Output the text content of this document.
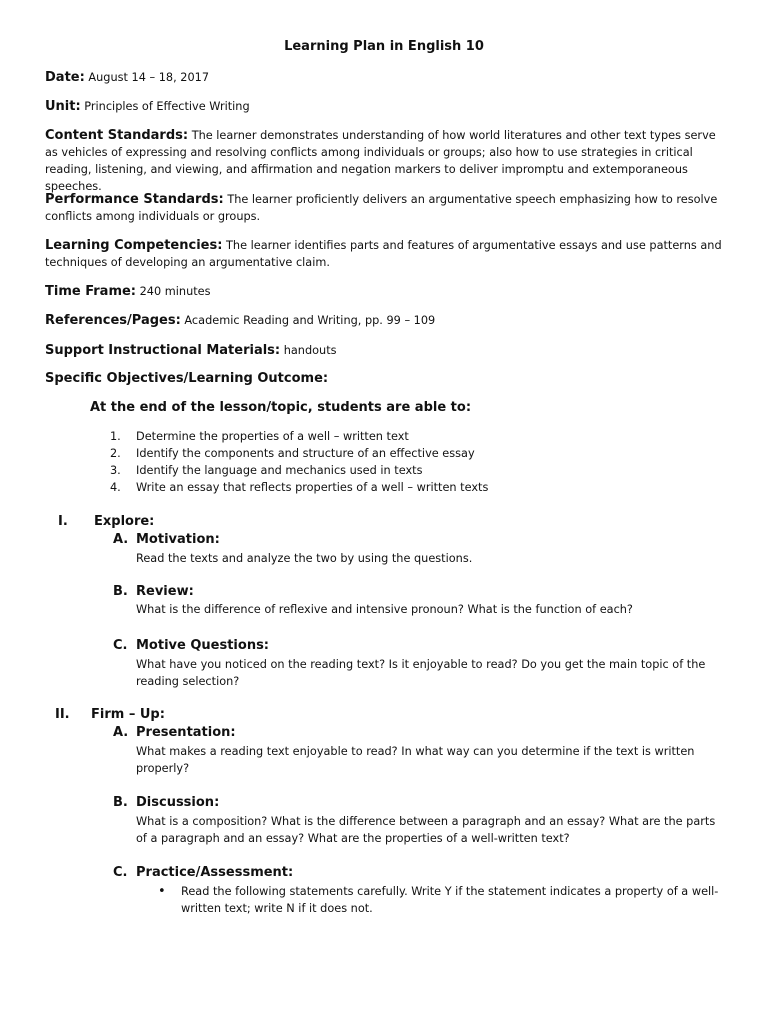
Learning Plan in English 10
Date: August 14 – 18, 2017
Unit: Principles of Effective Writing
Content Standards: The learner demonstrates understanding of how world literatures and other text types serve as vehicles of expressing and resolving conflicts among individuals or groups; also how to use strategies in critical reading, listening, and viewing, and affirmation and negation markers to deliver impromptu and extemporaneous speeches.
Performance Standards: The learner proficiently delivers an argumentative speech emphasizing how to resolve conflicts among individuals or groups.
Learning Competencies: The learner identifies parts and features of argumentative essays and use patterns and techniques of developing an argumentative claim.
Time Frame: 240 minutes
References/Pages: Academic Reading and Writing, pp. 99 – 109
Support Instructional Materials: handouts
Specific Objectives/Learning Outcome:
At the end of the lesson/topic, students are able to:
1. Determine the properties of a well – written text
2. Identify the components and structure of an effective essay
3. Identify the language and mechanics used in texts
4. Write an essay that reflects properties of a well – written texts
I. Explore:
A. Motivation:
Read the texts and analyze the two by using the questions.
B. Review:
What is the difference of reflexive and intensive pronoun? What is the function of each?
C. Motive Questions:
What have you noticed on the reading text? Is it enjoyable to read? Do you get the main topic of the reading selection?
II. Firm – Up:
A. Presentation:
What makes a reading text enjoyable to read? In what way can you determine if the text is written properly?
B. Discussion:
What is a composition? What is the difference between a paragraph and an essay? What are the parts of a paragraph and an essay? What are the properties of a well-written text?
C. Practice/Assessment:
• Read the following statements carefully. Write Y if the statement indicates a property of a well-written text; write N if it does not.
